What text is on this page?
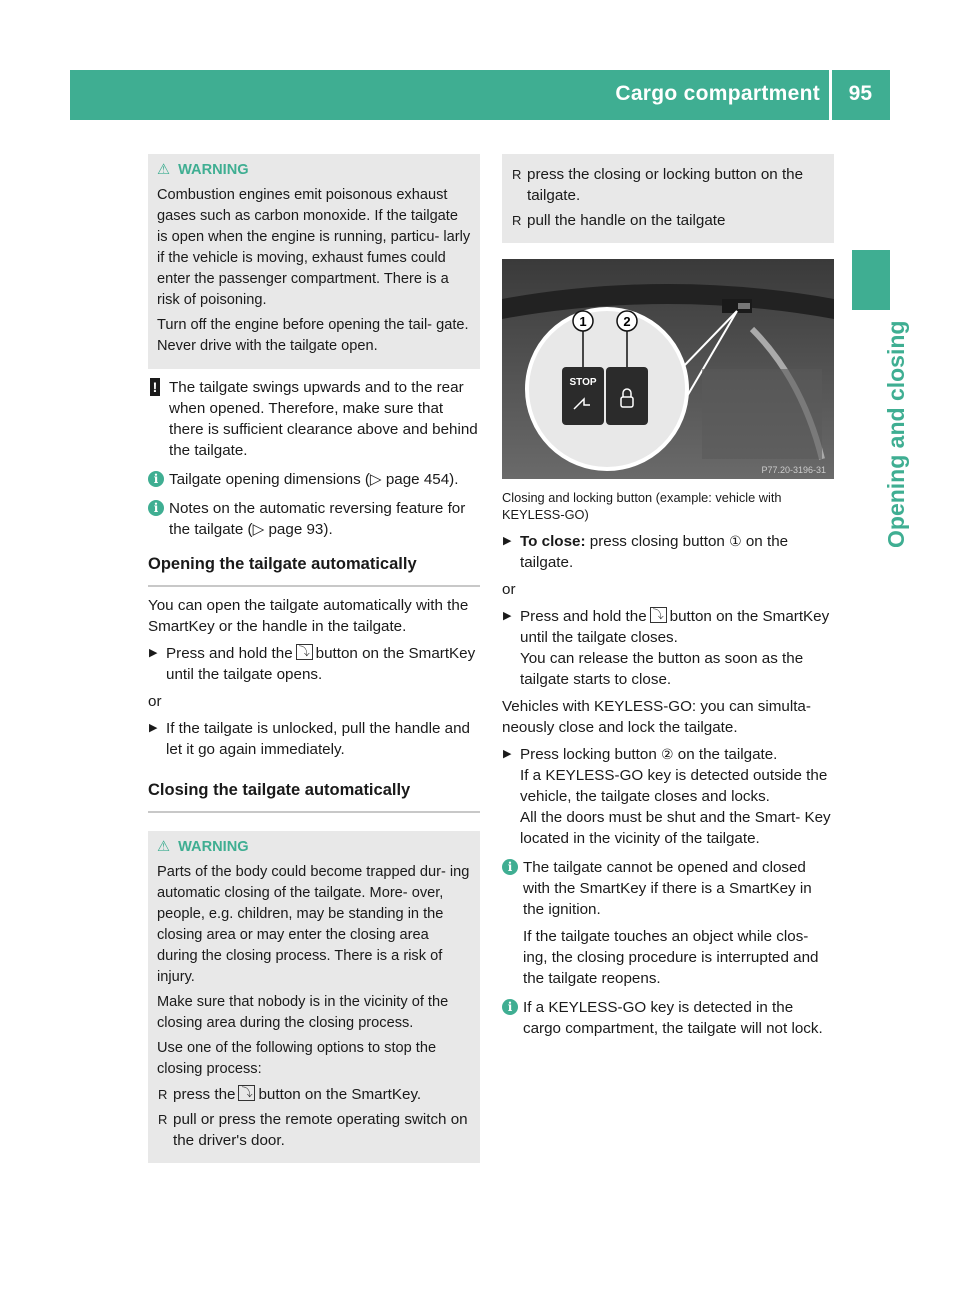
Cargo compartment 95
Opening and closing

⚠ WARNING

Combustion engines emit poisonous exhaust gases such as carbon monoxide. If the tailgate is open when the engine is running, particu- larly if the vehicle is moving, exhaust fumes could enter the passenger compartment. There is a risk of poisoning.

Turn off the engine before opening the tail- gate. Never drive with the tailgate open.

! The tailgate swings upwards and to the rear when opened. Therefore, make sure that there is sufficient clearance above and behind the tailgate.
i Tailgate opening dimensions (▷ page 454).
i Notes on the automatic reversing feature for the tailgate (▷ page 93).
Opening the tailgate automatically
You can open the tailgate automatically with the SmartKey or the handle in the tailgate.
▶ Press and hold the ⤵ button on the SmartKey until the tailgate opens.
or
▶ If the tailgate is unlocked, pull the handle and let it go again immediately.
Closing the tailgate automatically

⚠ WARNING

Parts of the body could become trapped dur- ing automatic closing of the tailgate. More- over, people, e.g. children, may be standing in the closing area or may enter the closing area during the closing process. There is a risk of injury.

Make sure that nobody is in the vicinity of the closing area during the closing process.

Use one of the following options to stop the closing process:

R press the ⤵ button on the SmartKey.
R pull or press the remote operating switch on the driver's door.
R press the closing or locking button on the tailgate.
R pull the handle on the tailgate
STOP
1	2
P77.20-3196-31
Closing and locking button (example: vehicle with KEYLESS-GO)
▶ To close: press closing button ① on the tailgate.
or
▶ Press and hold the ⤵ button on the SmartKey until the tailgate closes.
You can release the button as soon as the tailgate starts to close.
Vehicles with KEYLESS-GO: you can simulta- neously close and lock the tailgate.
▶ Press locking button ② on the tailgate.
If a KEYLESS-GO key is detected outside the vehicle, the tailgate closes and locks.
All the doors must be shut and the Smart- Key located in the vicinity of the tailgate.
i The tailgate cannot be opened and closed with the SmartKey if there is a SmartKey in the ignition.
If the tailgate touches an object while clos- ing, the closing procedure is interrupted and the tailgate reopens.
i If a KEYLESS-GO key is detected in the cargo compartment, the tailgate will not lock.
